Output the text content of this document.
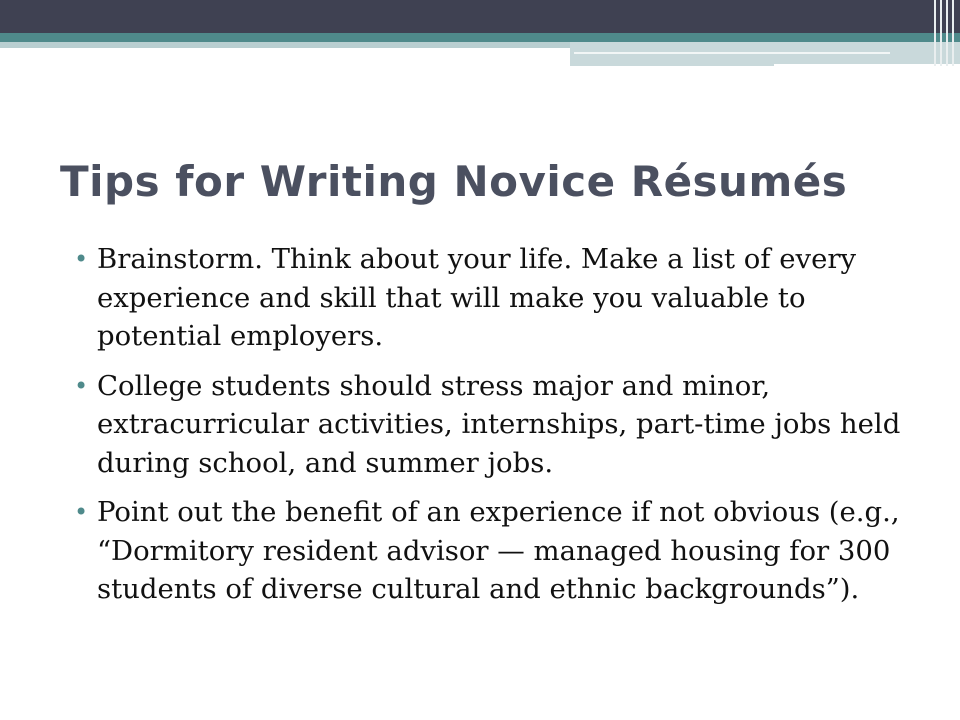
Tips for Writing Novice Résumés
• Brainstorm. Think about your life. Make a list of every experience and skill that will make you valuable to potential employers.
• College students should stress major and minor, extracurricular activities, internships, part-time jobs held during school, and summer jobs.
• Point out the benefit of an experience if not obvious (e.g., “Dormitory resident advisor — managed housing for 300 students of diverse cultural and ethnic backgrounds”).
